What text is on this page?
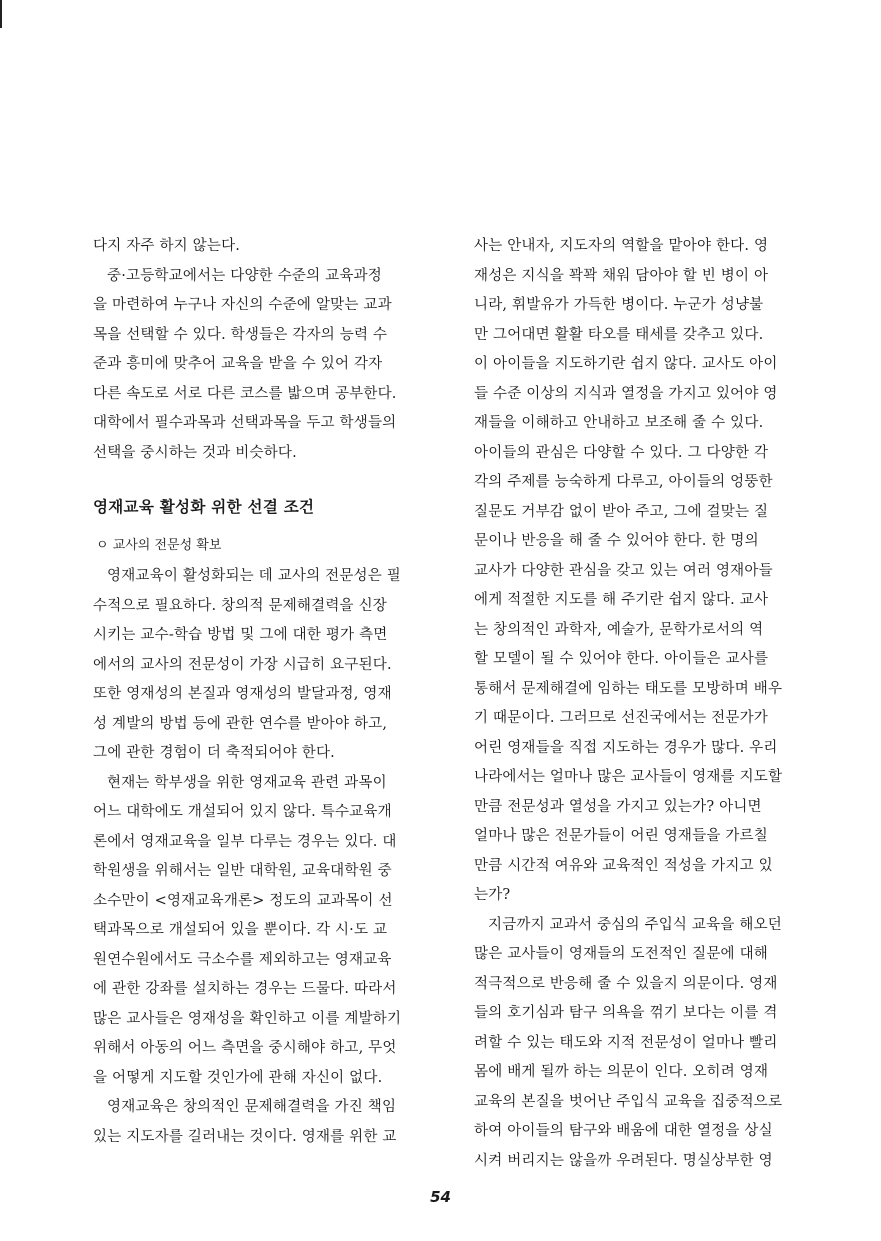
다지 자주 하지 않는다.
중·고등학교에서는 다양한 수준의 교육과정
을 마련하여 누구나 자신의 수준에 알맞는 교과
목을 선택할 수 있다. 학생들은 각자의 능력 수
준과 흥미에 맞추어 교육을 받을 수 있어 각자
다른 속도로 서로 다른 코스를 밟으며 공부한다.
대학에서 필수과목과 선택과목을 두고 학생들의
선택을 중시하는 것과 비슷하다.
영재교육 활성화 위한 선결 조건
ㅇ 교사의 전문성 확보
영재교육이 활성화되는 데 교사의 전문성은 필
수적으로 필요하다. 창의적 문제해결력을 신장
시키는 교수-학습 방법 및 그에 대한 평가 측면
에서의 교사의 전문성이 가장 시급히 요구된다.
또한 영재성의 본질과 영재성의 발달과정, 영재
성 계발의 방법 등에 관한 연수를 받아야 하고,
그에 관한 경험이 더 축적되어야 한다.
현재는 학부생을 위한 영재교육 관련 과목이
어느 대학에도 개설되어 있지 않다. 특수교육개
론에서 영재교육을 일부 다루는 경우는 있다. 대
학원생을 위해서는 일반 대학원, 교육대학원 중
소수만이 <영재교육개론> 정도의 교과목이 선
택과목으로 개설되어 있을 뿐이다. 각 시·도 교
원연수원에서도 극소수를 제외하고는 영재교육
에 관한 강좌를 설치하는 경우는 드물다. 따라서
많은 교사들은 영재성을 확인하고 이를 계발하기
위해서 아동의 어느 측면을 중시해야 하고, 무엇
을 어떻게 지도할 것인가에 관해 자신이 없다.
영재교육은 창의적인 문제해결력을 가진 책임
있는 지도자를 길러내는 것이다. 영재를 위한 교
사는 안내자, 지도자의 역할을 맡아야 한다. 영
재성은 지식을 꽉꽉 채워 담아야 할 빈 병이 아
니라, 휘발유가 가득한 병이다. 누군가 성냥불
만 그어대면 활활 타오를 태세를 갖추고 있다.
이 아이들을 지도하기란 쉽지 않다. 교사도 아이
들 수준 이상의 지식과 열정을 가지고 있어야 영
재들을 이해하고 안내하고 보조해 줄 수 있다.
아이들의 관심은 다양할 수 있다. 그 다양한 각
각의 주제를 능숙하게 다루고, 아이들의 엉뚱한
질문도 거부감 없이 받아 주고, 그에 걸맞는 질
문이나 반응을 해 줄 수 있어야 한다. 한 명의
교사가 다양한 관심을 갖고 있는 여러 영재아들
에게 적절한 지도를 해 주기란 쉽지 않다. 교사
는 창의적인 과학자, 예술가, 문학가로서의 역
할 모델이 될 수 있어야 한다. 아이들은 교사를
통해서 문제해결에 임하는 태도를 모방하며 배우
기 때문이다. 그러므로 선진국에서는 전문가가
어린 영재들을 직접 지도하는 경우가 많다. 우리
나라에서는 얼마나 많은 교사들이 영재를 지도할
만큼 전문성과 열성을 가지고 있는가? 아니면
얼마나 많은 전문가들이 어린 영재들을 가르칠
만큼 시간적 여유와 교육적인 적성을 가지고 있
는가?
지금까지 교과서 중심의 주입식 교육을 해오던
많은 교사들이 영재들의 도전적인 질문에 대해
적극적으로 반응해 줄 수 있을지 의문이다. 영재
들의 호기심과 탐구 의욕을 꺾기 보다는 이를 격
려할 수 있는 태도와 지적 전문성이 얼마나 빨리
몸에 배게 될까 하는 의문이 인다. 오히려 영재
교육의 본질을 벗어난 주입식 교육을 집중적으로
하여 아이들의 탐구와 배움에 대한 열정을 상실
시켜 버리지는 않을까 우려된다. 명실상부한 영
54
